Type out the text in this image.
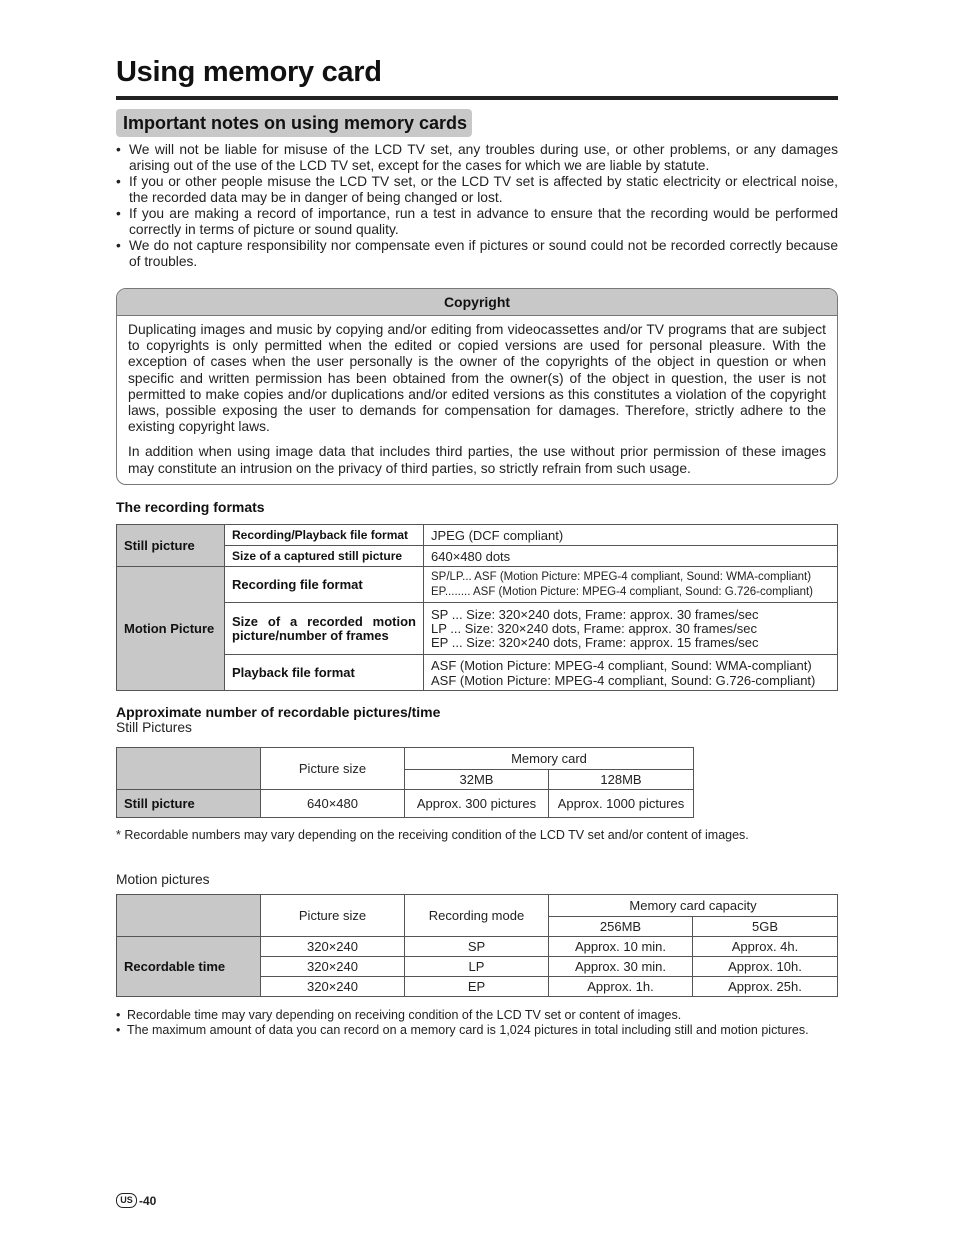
Using memory card
Important notes on using memory cards
• We will not be liable for misuse of the LCD TV set, any troubles during use, or other problems, or any damages arising out of the use of the LCD TV set, except for the cases for which we are liable by statute.
• If you or other people misuse the LCD TV set, or the LCD TV set is affected by static electricity or electrical noise, the recorded data may be in danger of being changed or lost.
• If you are making a record of importance, run a test in advance to ensure that the recording would be performed correctly in terms of picture or sound quality.
• We do not capture responsibility nor compensate even if pictures or sound could not be recorded correctly because of troubles.
Copyright

Duplicating images and music by copying and/or editing from videocassettes and/or TV programs that are subject to copyrights is only permitted when the edited or copied versions are used for personal pleasure. With the exception of cases when the user personally is the owner of the copyrights of the object in question or when specific and written permission has been obtained from the owner(s) of the object in question, the user is not permitted to make copies and/or duplications and/or edited versions as this constitutes a violation of the copyright laws, possible exposing the user to demands for compensation for damages. Therefore, strictly adhere to the existing copyright laws.

In addition when using image data that includes third parties, the use without prior permission of these images may constitute an intrusion on the privacy of third parties, so strictly refrain from such usage.

The recording formats
Still picture	Recording/Playback file format	JPEG (DCF compliant)
	Size of a captured still picture	640×480 dots
Motion Picture	Recording file format	SP/LP... ASF (Motion Picture: MPEG-4 compliant, Sound: WMA-compliant)
EP........ ASF (Motion Picture: MPEG-4 compliant, Sound: G.726-compliant)

	Size of a recorded motion picture/number of frames	SP ... Size: 320×240 dots, Frame: approx. 30 frames/sec
LP ... Size: 320×240 dots, Frame: approx. 30 frames/sec
EP ... Size: 320×240 dots, Frame: approx. 15 frames/sec

	Playback file format	ASF (Motion Picture: MPEG-4 compliant, Sound: WMA-compliant)
ASF (Motion Picture: MPEG-4 compliant, Sound: G.726-compliant)
Approximate number of recordable pictures/time
Still Pictures
	Picture size	Memory card	
		32MB	128MB
Still picture	640×480	Approx. 300 pictures	Approx. 1000 pictures
* Recordable numbers may vary depending on the receiving condition of the LCD TV set and/or content of images.
Motion pictures
	Picture size	Recording mode	Memory card capacity	
			256MB	5GB
Recordable time	320×240	SP	Approx. 10 min.	Approx. 4h.
	320×240	LP	Approx. 30 min.	Approx. 10h.
	320×240	EP	Approx. 1h.	Approx. 25h.
• Recordable time may vary depending on receiving condition of the LCD TV set or content of images.
• The maximum amount of data you can record on a memory card is 1,024 pictures in total including still and motion pictures.
US -40
